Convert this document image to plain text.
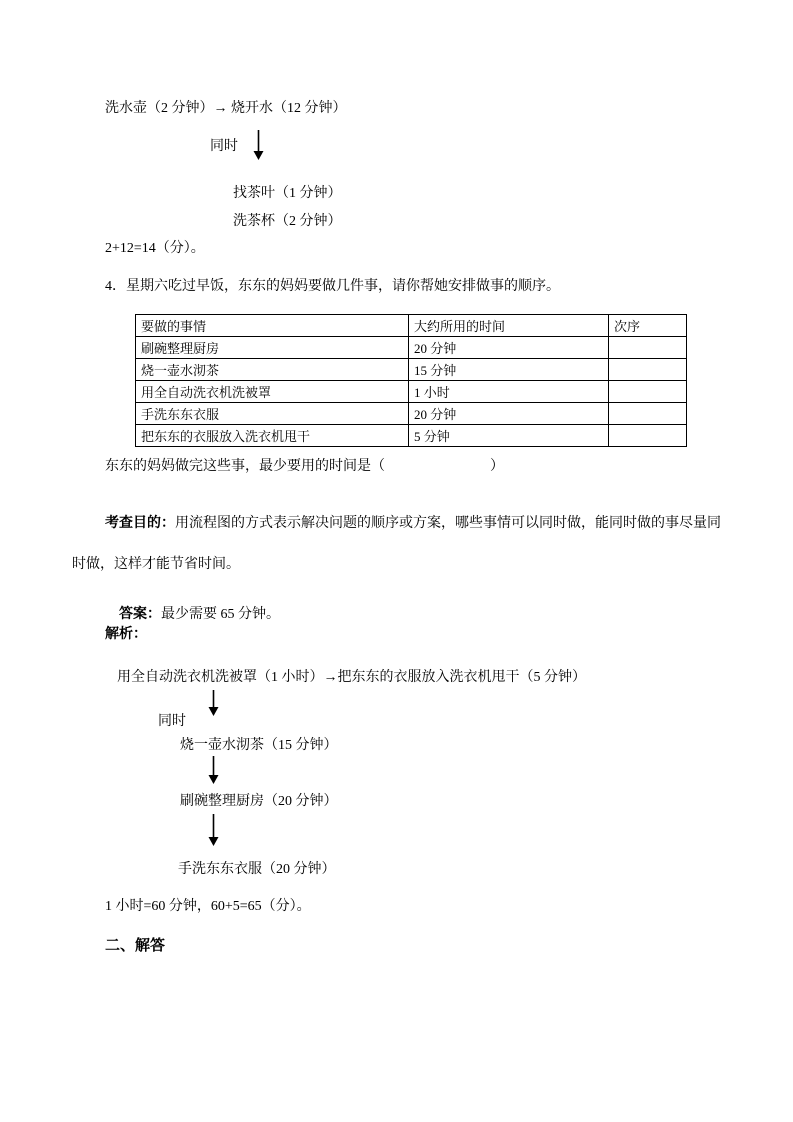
洗水壶（2 分钟）→ 烧开水（12 分钟）

同时

找茶叶（1 分钟）

洗茶杯（2 分钟）

2+12=14（分）。

4．星期六吃过早饭，东东的妈妈要做几件事，请你帮她安排做事的顺序。

要做的事情	大约所用的时间	次序
刷碗整理厨房	20 分钟	
烧一壶水沏茶	15 分钟	
用全自动洗衣机洗被罩	1 小时	
手洗东东衣服	20 分钟	
把东东的衣服放入洗衣机甩干	5 分钟	

东东的妈妈做完这些事，最少要用的时间是（                              ）

考查目的：用流程图的方式表示解决问题的顺序或方案，哪些事情可以同时做，能同时做的事尽量同时做，这样才能节省时间。

答案：最少需要 65 分钟。

解析：

用全自动洗衣机洗被罩（1 小时）→把东东的衣服放入洗衣机甩干（5 分钟）

同时

烧一壶水沏茶（15 分钟）

刷碗整理厨房（20 分钟）

手洗东东衣服（20 分钟）

1 小时=60 分钟，60+5=65（分）。

二、解答
